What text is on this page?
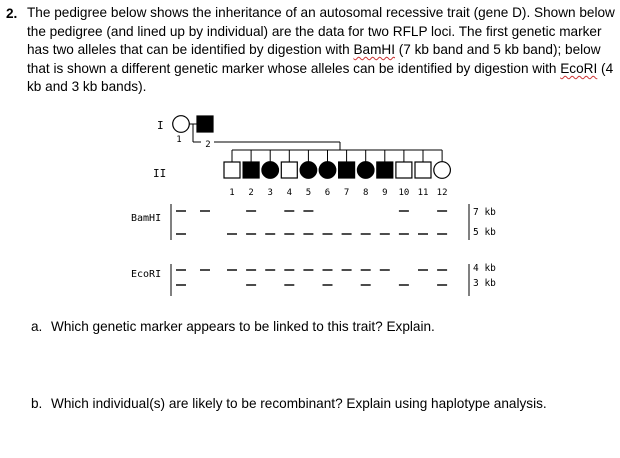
2. The pedigree below shows the inheritance of an autosomal recessive trait (gene D). Shown below the pedigree (and lined up by individual) are the data for two RFLP loci. The first genetic marker has two alleles that can be identified by digestion with BamHI (7 kb band and 5 kb band); below that is shown a different genetic marker whose alleles can be identified by digestion with EcoRI (4 kb and 3 kb bands).
I
1	2
II
1 2 3 4 5 6 7 8 9 10 11 12
BamHI
7 kb
5 kb
EcoRI
4 kb
3 kb
a. Which genetic marker appears to be linked to this trait? Explain.
b. Which individual(s) are likely to be recombinant? Explain using haplotype analysis.
